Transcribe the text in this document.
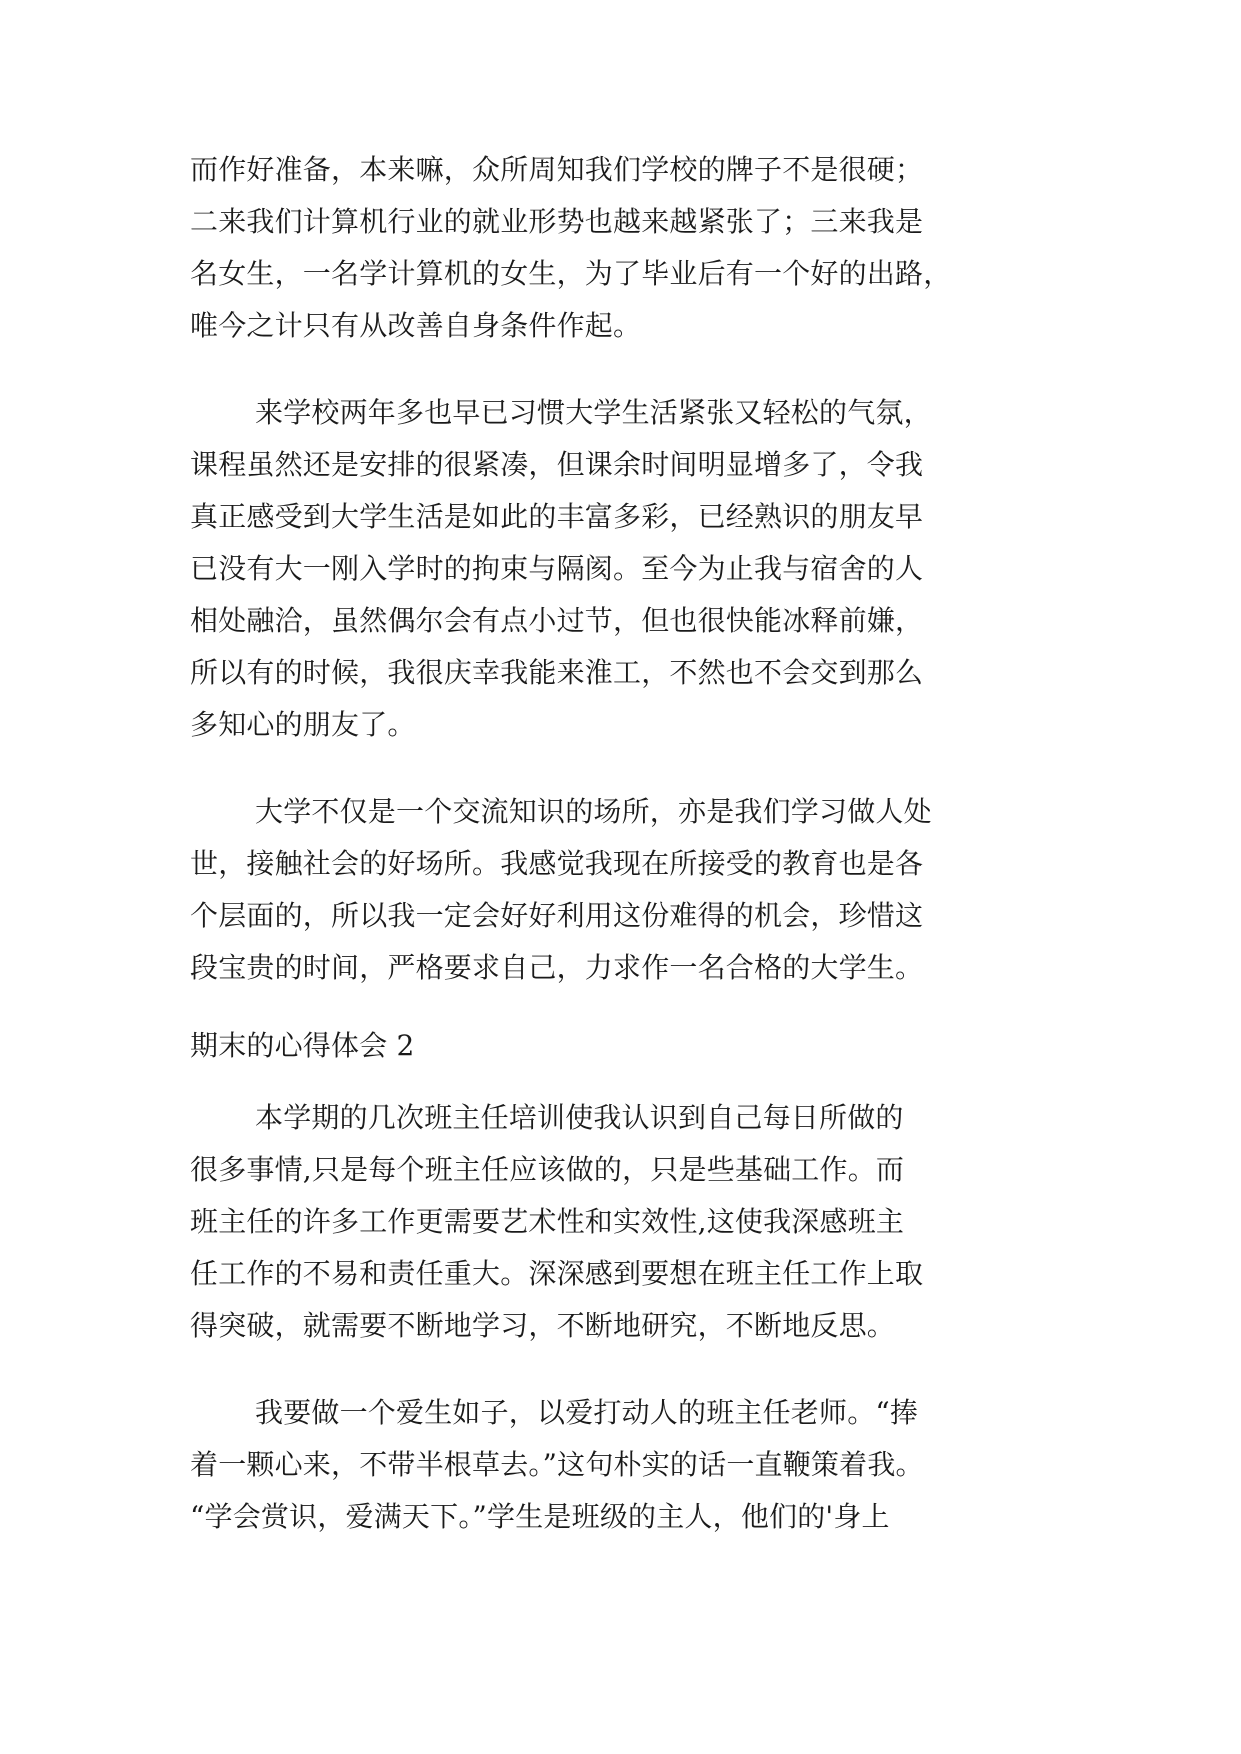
而作好准备，本来嘛，众所周知我们学校的牌子不是很硬；
二来我们计算机行业的就业形势也越来越紧张了；三来我是
名女生，一名学计算机的女生，为了毕业后有一个好的出路，
唯今之计只有从改善自身条件作起。
来学校两年多也早已习惯大学生活紧张又轻松的气氛，
课程虽然还是安排的很紧凑，但课余时间明显增多了，令我
真正感受到大学生活是如此的丰富多彩，已经熟识的朋友早
已没有大一刚入学时的拘束与隔阂。至今为止我与宿舍的人
相处融洽，虽然偶尔会有点小过节，但也很快能冰释前嫌，
所以有的时候，我很庆幸我能来淮工，不然也不会交到那么
多知心的朋友了。
大学不仅是一个交流知识的场所，亦是我们学习做人处
世，接触社会的好场所。我感觉我现在所接受的教育也是各
个层面的，所以我一定会好好利用这份难得的机会，珍惜这
段宝贵的时间，严格要求自己，力求作一名合格的大学生。
期末的心得体会 2
本学期的几次班主任培训使我认识到自己每日所做的
很多事情,只是每个班主任应该做的，只是些基础工作。而
班主任的许多工作更需要艺术性和实效性,这使我深感班主
任工作的不易和责任重大。深深感到要想在班主任工作上取
得突破，就需要不断地学习，不断地研究，不断地反思。
我要做一个爱生如子，以爱打动人的班主任老师。“捧
着一颗心来，不带半根草去。”这句朴实的话一直鞭策着我。
“学会赏识，爱满天下。”学生是班级的主人，他们的'身上
